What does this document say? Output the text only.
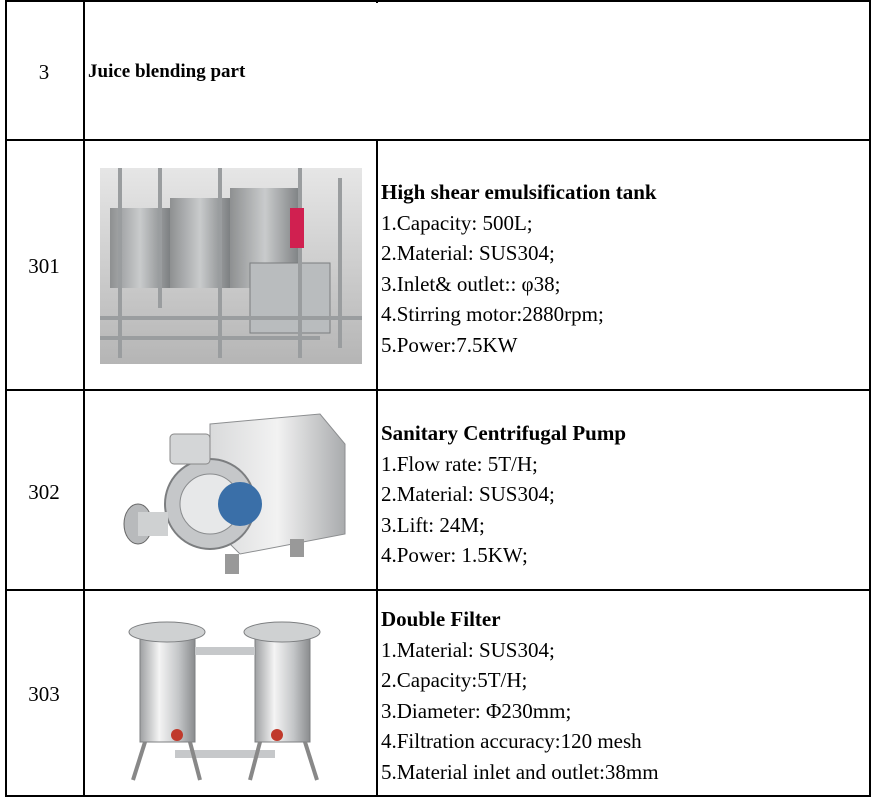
3	Juice blending part
301
High shear emulsification tank
1.Capacity: 500L;
2.Material: SUS304;
3.Inlet& outlet:: φ38;
4.Stirring motor:2880rpm;
5.Power:7.5KW
302
Sanitary Centrifugal Pump
1.Flow rate: 5T/H;
2.Material: SUS304;
3.Lift: 24M;
4.Power: 1.5KW;
303
Double Filter
1.Material: SUS304;
2.Capacity:5T/H;
3.Diameter: Φ230mm;
4.Filtration accuracy:120 mesh
5.Material inlet and outlet:38mm
